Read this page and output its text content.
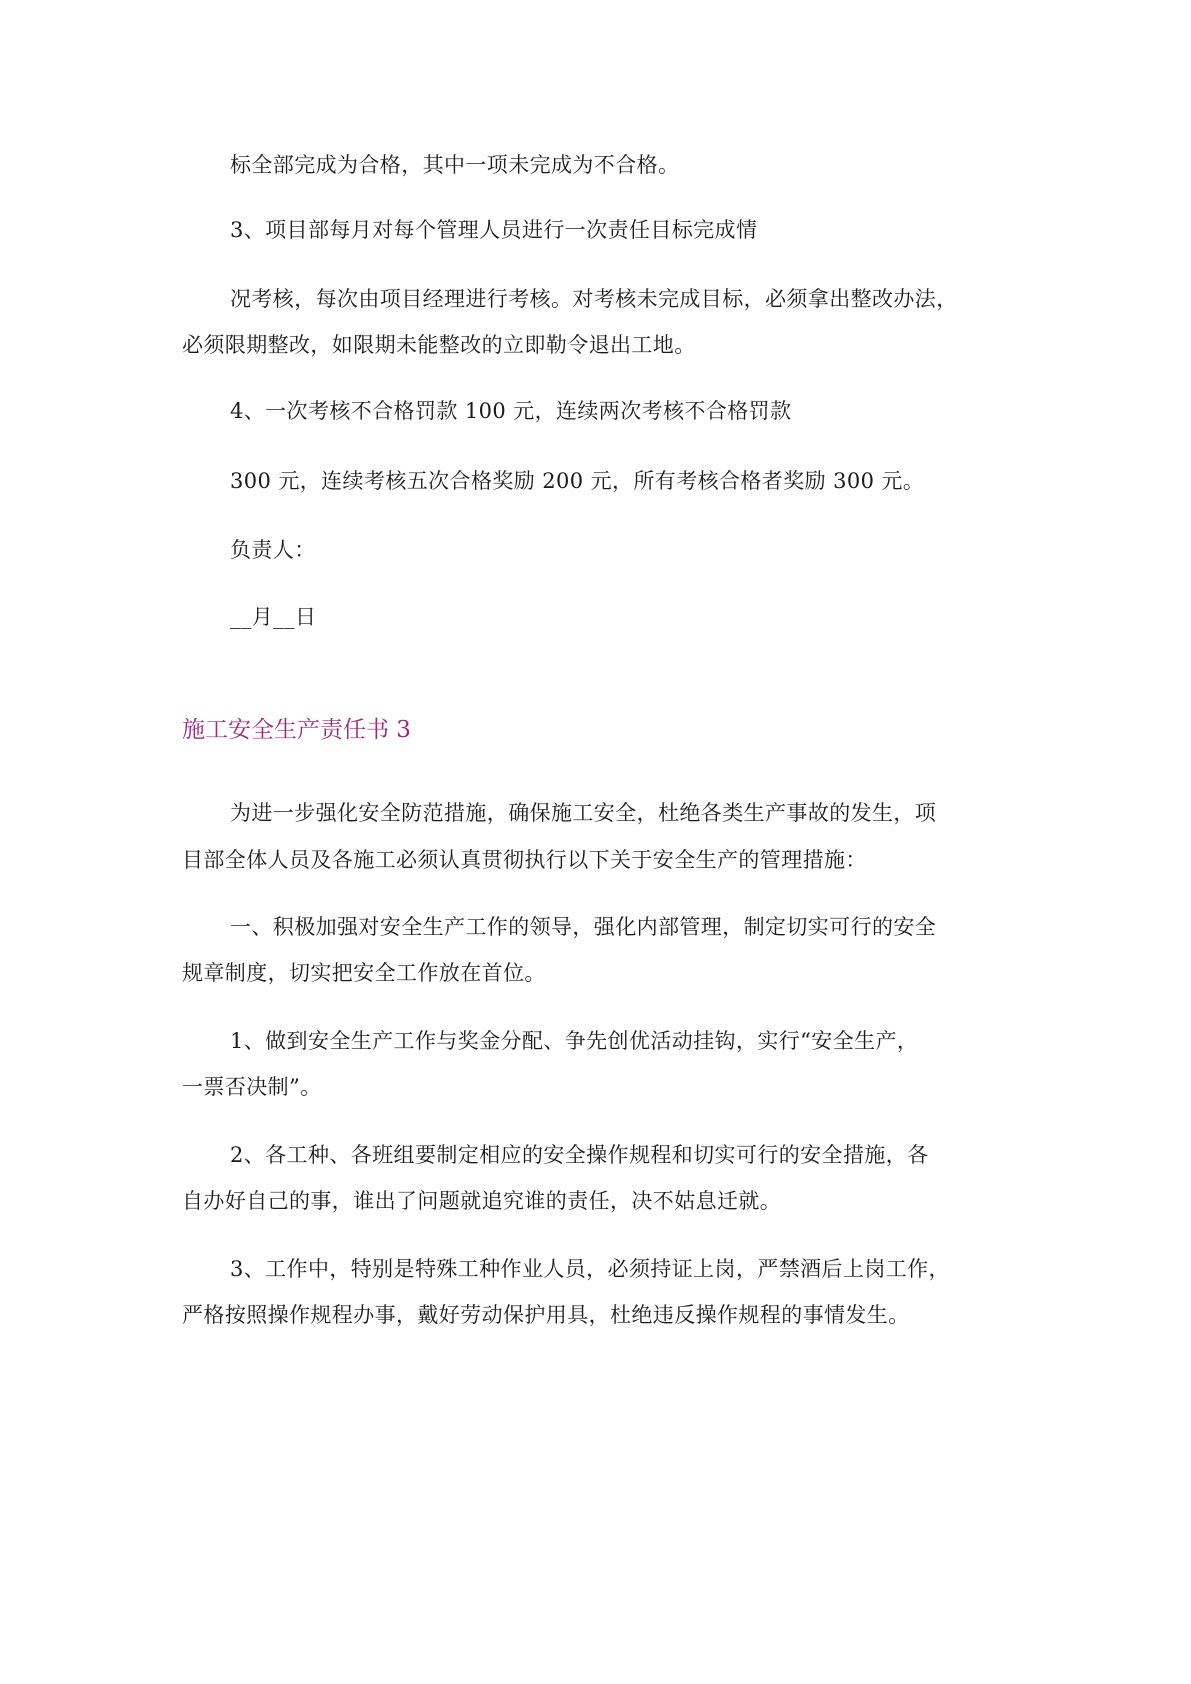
标全部完成为合格，其中一项未完成为不合格。
3、项目部每月对每个管理人员进行一次责任目标完成情
况考核，每次由项目经理进行考核。对考核未完成目标，必须拿出整改办法，
必须限期整改，如限期未能整改的立即勒令退出工地。
4、一次考核不合格罚款 100 元，连续两次考核不合格罚款
300 元，连续考核五次合格奖励 200 元，所有考核合格者奖励 300 元。
负责人：
__月__日
施工安全生产责任书 3
为进一步强化安全防范措施，确保施工安全，杜绝各类生产事故的发生，项
目部全体人员及各施工必须认真贯彻执行以下关于安全生产的管理措施：
一、积极加强对安全生产工作的领导，强化内部管理，制定切实可行的安全
规章制度，切实把安全工作放在首位。
1、做到安全生产工作与奖金分配、争先创优活动挂钩，实行“安全生产，
一票否决制”。
2、各工种、各班组要制定相应的安全操作规程和切实可行的安全措施，各
自办好自己的事，谁出了问题就追究谁的责任，决不姑息迁就。
3、工作中，特别是特殊工种作业人员，必须持证上岗，严禁酒后上岗工作，
严格按照操作规程办事，戴好劳动保护用具，杜绝违反操作规程的事情发生。
